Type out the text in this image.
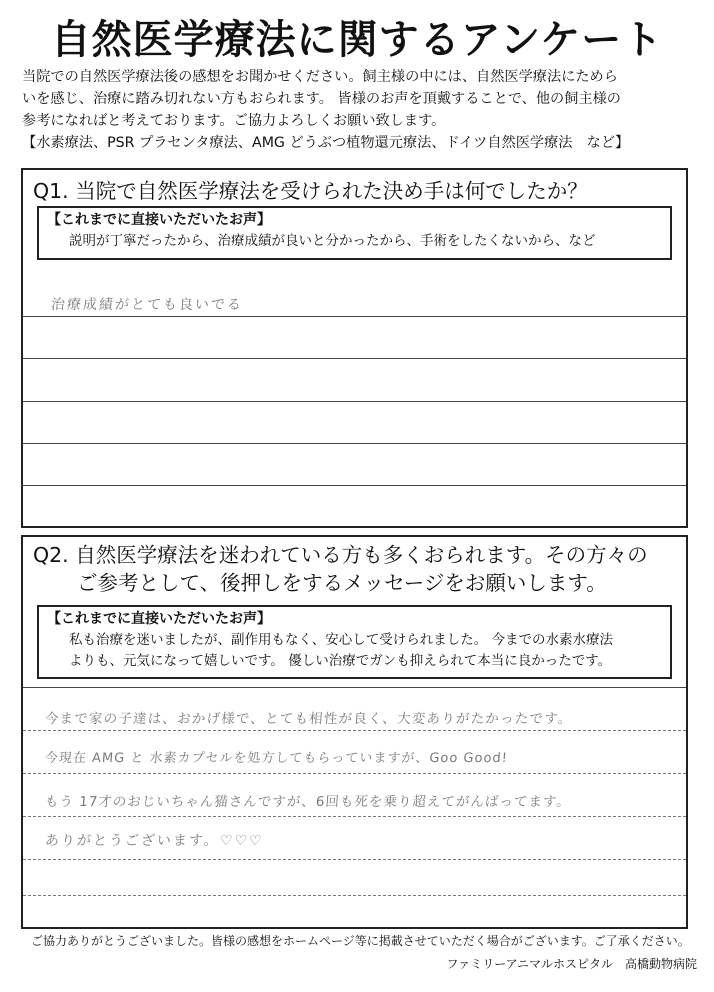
自然医学療法に関するアンケート
当院での自然医学療法後の感想をお聞かせください。飼主様の中には、自然医学療法にためら
いを感じ、治療に踏み切れない方もおられます。 皆様のお声を頂戴することで、他の飼主様の
参考になればと考えております。ご協力よろしくお願い致します。
【水素療法、PSR プラセンタ療法、AMG どうぶつ植物還元療法、ドイツ自然医学療法　など】
Q1. 当院で自然医学療法を受けられた決め手は何でしたか？
【これまでに直接いただいたお声】
説明が丁寧だったから、治療成績が良いと分かったから、手術をしたくないから、など
治療成績がとても良いでる
Q2. 自然医学療法を迷われている方も多くおられます。その方々の
ご参考として、後押しをするメッセージをお願いします。
【これまでに直接いただいたお声】
私も治療を迷いましたが、副作用もなく、安心して受けられました。 今までの水素水療法
よりも、元気になって嬉しいです。 優しい治療でガンも抑えられて本当に良かったです。
今まで家の子達は、おかげ様で、とても相性が良く、大変ありがたかったです。
今現在 AMG と 水素カプセルを処方してもらっていますが、Goo Good!
もう 17才のおじいちゃん猫さんですが、6回も死を乗り超えてがんばってます。
ありがとうございます。♡♡♡
ご協力ありがとうございました。皆様の感想をホームページ等に掲載させていただく場合がございます。ご了承ください。
ファミリーアニマルホスピタル　高橋動物病院
